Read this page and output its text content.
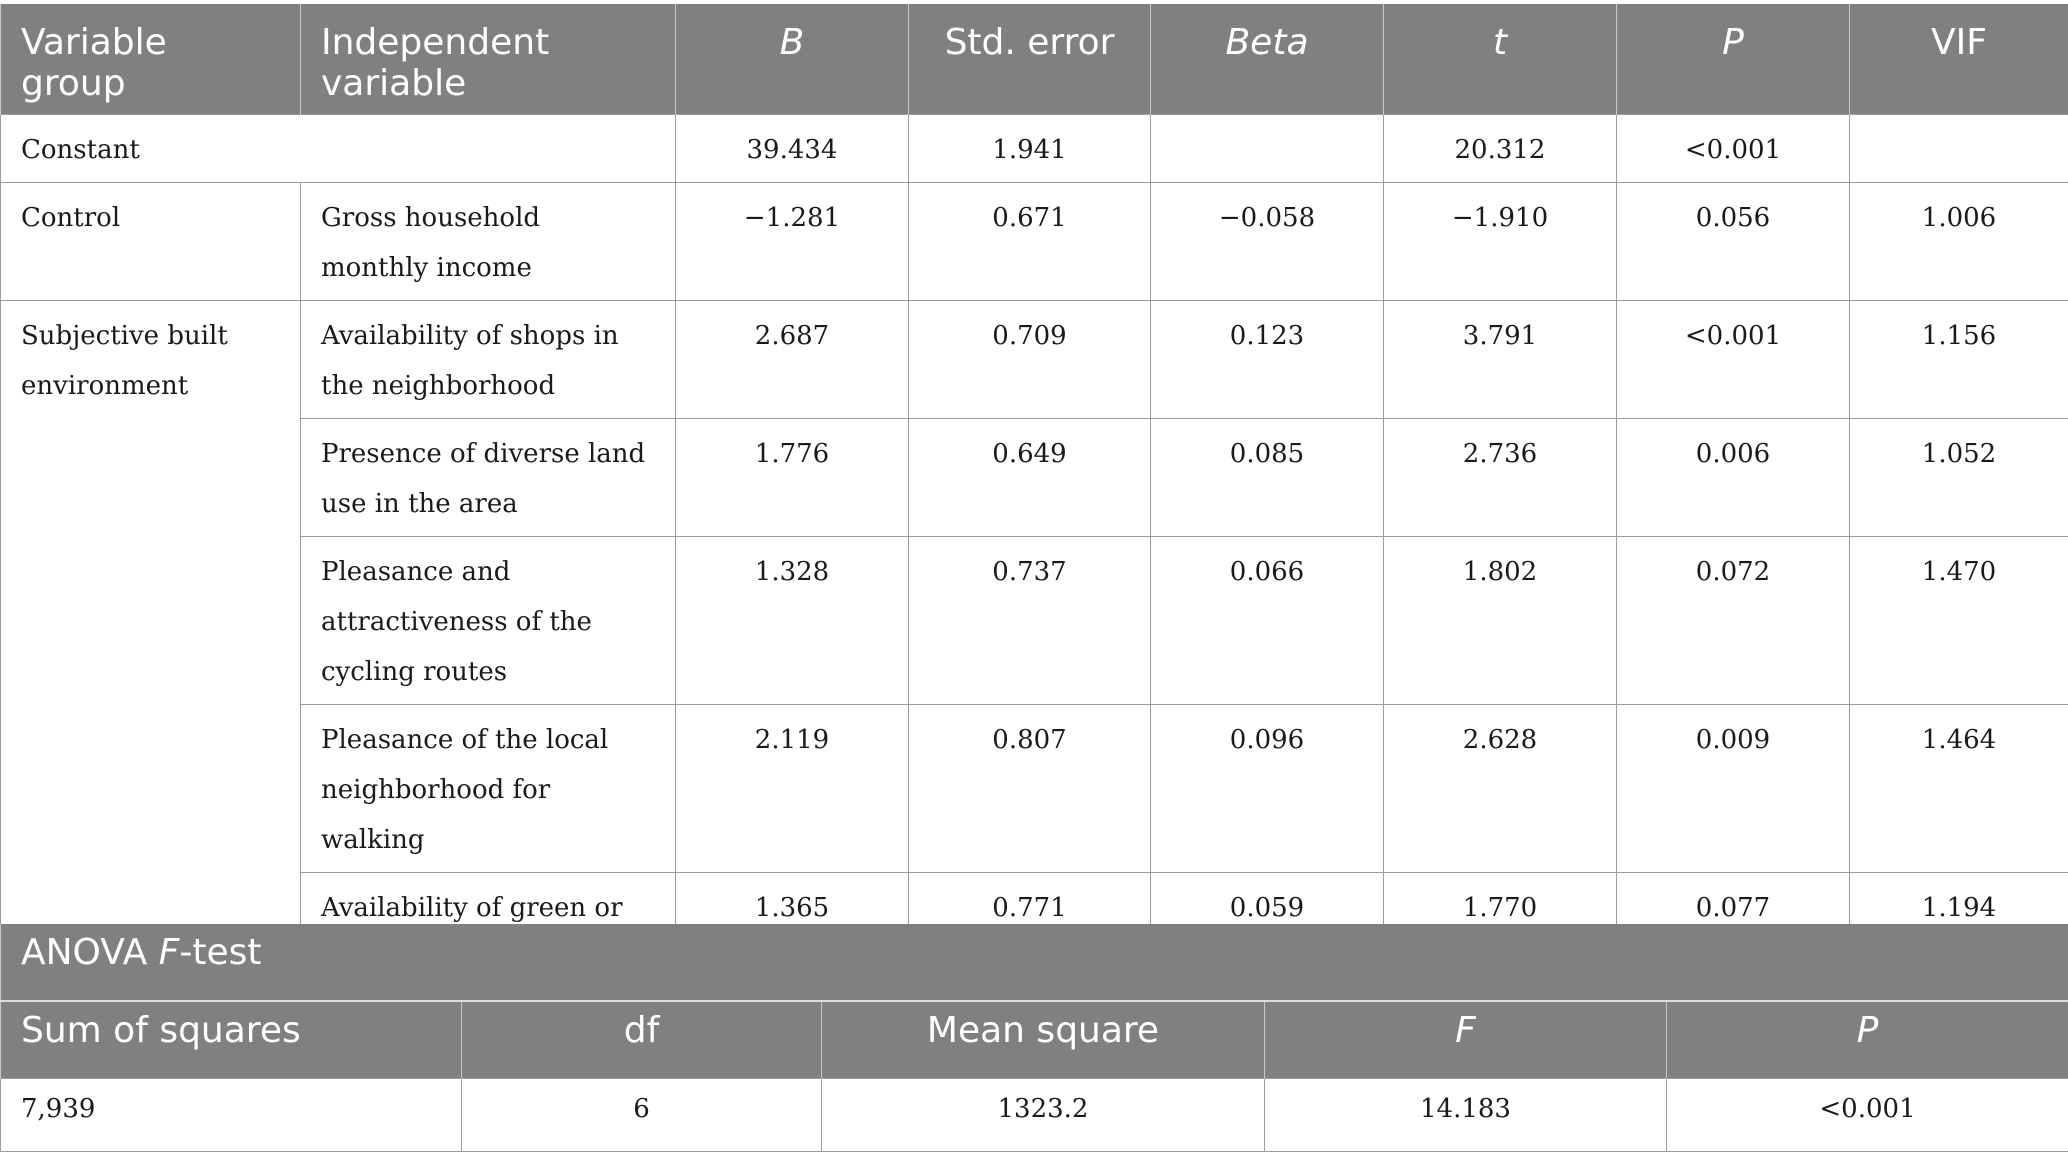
Variable group	Independent variable	B	Std. error	Beta	t	P	VIF
Constant		39.434	1.941		20.312	<0.001	
Control	Gross household monthly income	−1.281	0.671	−0.058	−1.910	0.056	1.006
Subjective built environment	Availability of shops in the neighborhood	2.687	0.709	0.123	3.791	<0.001	1.156
	Presence of diverse land use in the area	1.776	0.649	0.085	2.736	0.006	1.052
	Pleasance and attractiveness of the cycling routes	1.328	0.737	0.066	1.802	0.072	1.470
	Pleasance of the local neighborhood for walking	2.119	0.807	0.096	2.628	0.009	1.464
	Availability of green or	1.365	0.771	0.059	1.770	0.077	1.194
ANOVA F-test				
Sum of squares	df	Mean square	F	P
7,939	6	1323.2	14.183	<0.001
